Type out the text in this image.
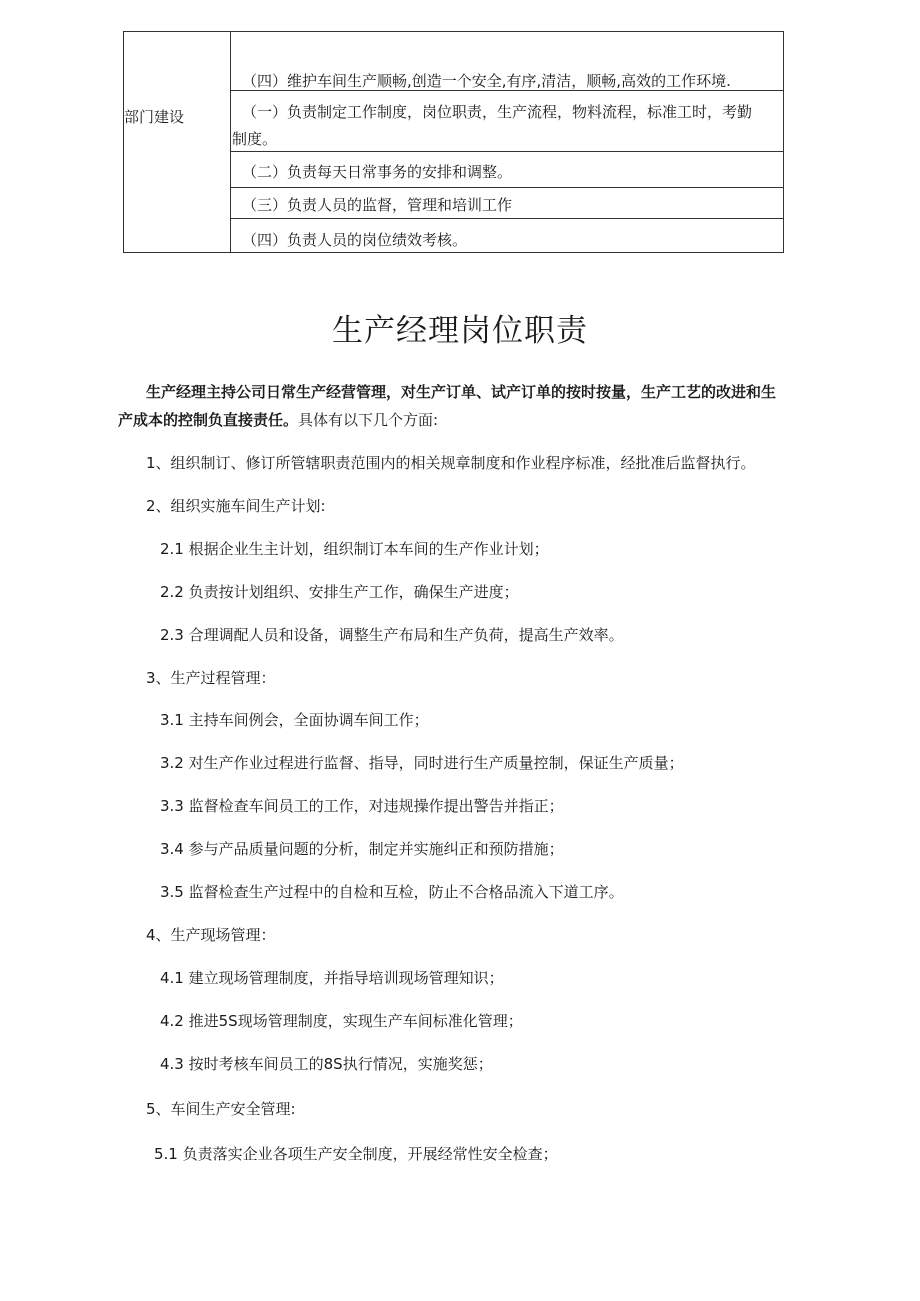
部门建设
（四）维护车间生产顺畅,创造一个安全,有序,清洁，顺畅,高效的工作环境.
（一）负责制定工作制度，岗位职责，生产流程，物料流程，标准工时，考勤
制度。
（二）负责每天日常事务的安排和调整。
（三）负责人员的监督，管理和培训工作
（四）负责人员的岗位绩效考核。
生产经理岗位职责
生产经理主持公司日常生产经营管理，对生产订单、试产订单的按时按量，生产工艺的改进和生产成本的控制负直接责任。具体有以下几个方面:
1、组织制订、修订所管辖职责范围内的相关规章制度和作业程序标准，经批准后监督执行。
2、组织实施车间生产计划:
2.1 根据企业生主计划，组织制订本车间的生产作业计划；
2.2 负责按计划组织、安排生产工作，确保生产进度；
2.3 合理调配人员和设备，调整生产布局和生产负荷，提高生产效率。
3、生产过程管理：
3.1 主持车间例会，全面协调车间工作；
3.2 对生产作业过程进行监督、指导，同时进行生产质量控制，保证生产质量；
3.3 监督检查车间员工的工作，对违规操作提出警告并指正；
3.4 参与产品质量问题的分析，制定并实施纠正和预防措施；
3.5 监督检查生产过程中的自检和互检，防止不合格品流入下道工序。
4、生产现场管理：
4.1 建立现场管理制度，并指导培训现场管理知识；
4.2 推进5S现场管理制度，实现生产车间标准化管理；
4.3 按时考核车间员工的8S执行情况，实施奖惩；
5、车间生产安全管理:
5.1 负责落实企业各项生产安全制度，开展经常性安全检查；
